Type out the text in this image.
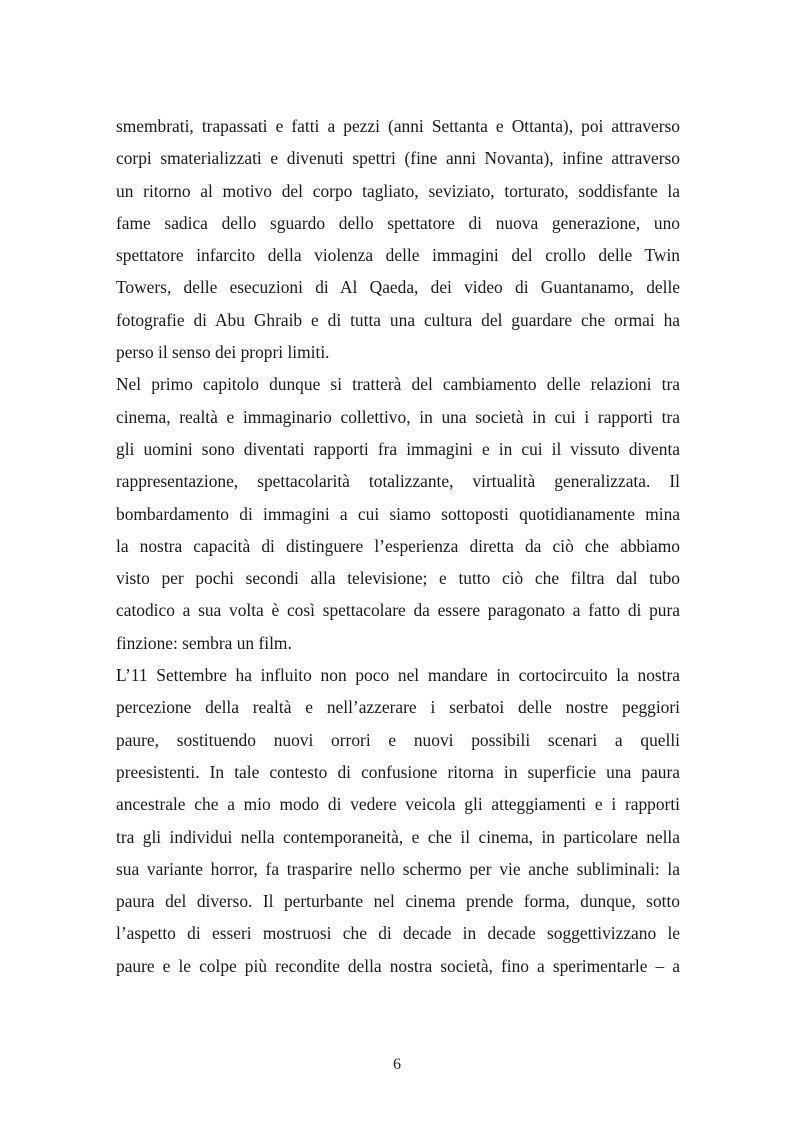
smembrati, trapassati e fatti a pezzi (anni Settanta e Ottanta), poi attraverso
corpi smaterializzati e divenuti spettri (fine anni Novanta), infine attraverso
un ritorno al motivo del corpo tagliato, seviziato, torturato, soddisfante la
fame sadica dello sguardo dello spettatore di nuova generazione, uno
spettatore infarcito della violenza delle immagini del crollo delle Twin
Towers, delle esecuzioni di Al Qaeda, dei video di Guantanamo, delle
fotografie di Abu Ghraib e di tutta una cultura del guardare che ormai ha
perso il senso dei propri limiti.
Nel primo capitolo dunque si tratterà del cambiamento delle relazioni tra
cinema, realtà e immaginario collettivo, in una società in cui i rapporti tra
gli uomini sono diventati rapporti fra immagini e in cui il vissuto diventa
rappresentazione, spettacolarità totalizzante, virtualità generalizzata. Il
bombardamento di immagini a cui siamo sottoposti quotidianamente mina
la nostra capacità di distinguere l’esperienza diretta da ciò che abbiamo
visto per pochi secondi alla televisione; e tutto ciò che filtra dal tubo
catodico a sua volta è così spettacolare da essere paragonato a fatto di pura
finzione: sembra un film.
L’11 Settembre ha influito non poco nel mandare in cortocircuito la nostra
percezione della realtà e nell’azzerare i serbatoi delle nostre peggiori
paure, sostituendo nuovi orrori e nuovi possibili scenari a quelli
preesistenti. In tale contesto di confusione ritorna in superficie una paura
ancestrale che a mio modo di vedere veicola gli atteggiamenti e i rapporti
tra gli individui nella contemporaneità, e che il cinema, in particolare nella
sua variante horror, fa trasparire nello schermo per vie anche subliminali: la
paura del diverso. Il perturbante nel cinema prende forma, dunque, sotto
l’aspetto di esseri mostruosi che di decade in decade soggettivizzano le
paure e le colpe più recondite della nostra società, fino a sperimentarle – a
6
